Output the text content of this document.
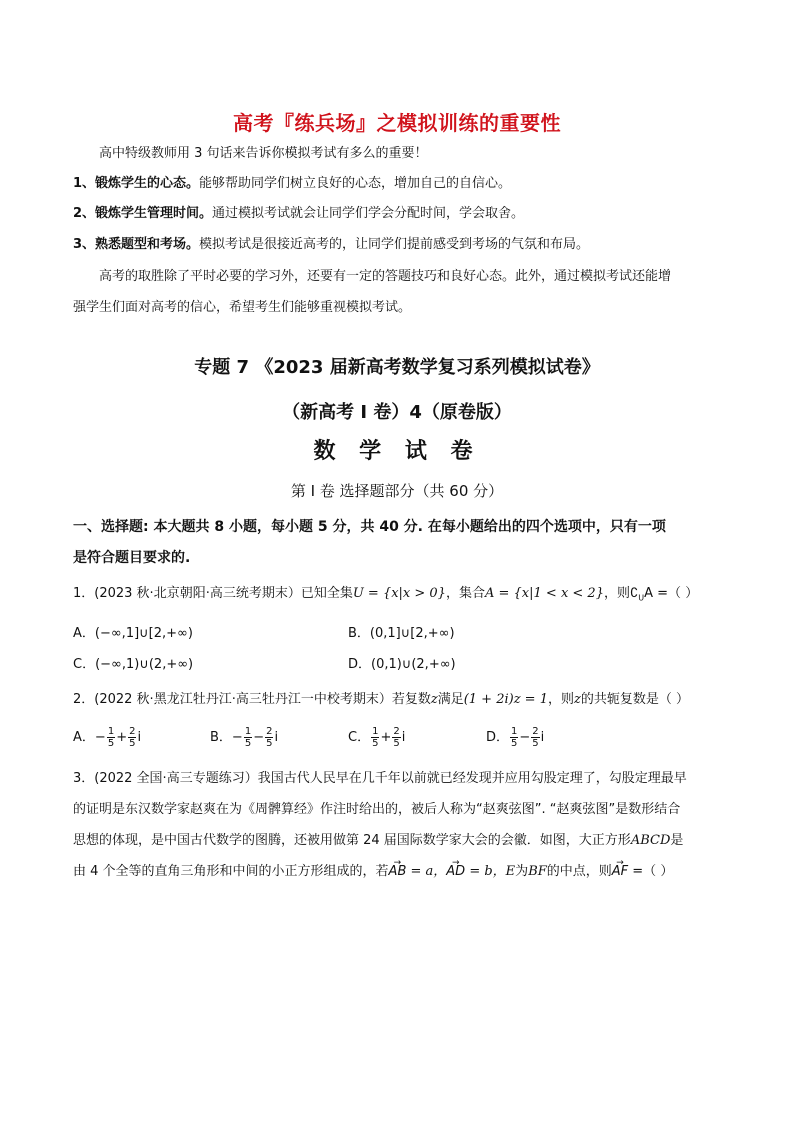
高考『练兵场』之模拟训练的重要性
高中特级教师用 3 句话来告诉你模拟考试有多么的重要！
1、锻炼学生的心态。能够帮助同学们树立良好的心态，增加自己的自信心。
2、锻炼学生管理时间。通过模拟考试就会让同学们学会分配时间，学会取舍。
3、熟悉题型和考场。模拟考试是很接近高考的，让同学们提前感受到考场的气氛和布局。
高考的取胜除了平时必要的学习外，还要有一定的答题技巧和良好心态。此外，通过模拟考试还能增
强学生们面对高考的信心，希望考生们能够重视模拟考试。
专题 7 《2023 届新高考数学复习系列模拟试卷》
（新高考 I 卷）4（原卷版）
数 学 试 卷
第 I 卷 选择题部分（共 60 分）
一、选择题: 本大题共 8 小题，每小题 5 分，共 40 分. 在每小题给出的四个选项中，只有一项
是符合题目要求的.
1．(2023 秋·北京朝阳·高三统考期末）已知全集U = {x|x > 0}，集合A = {x|1 < x < 2}，则$∁_UA$ =（ ）
A．(−∞,1]∪[2,+∞)	B．(0,1]∪[2,+∞)
C．(−∞,1)∪(2,+∞)	D．(0,1)∪(2,+∞)
2．(2022 秋·黑龙江牡丹江·高三牡丹江一中校考期末）若复数z满足(1 + 2i)z = 1，则z的共轭复数是（ ）
A．− $\frac{1}{5} + \frac{2}{5}$ i	B．− $\frac{1}{5} - \frac{2}{5}$ i	C． $\frac{1}{5} + \frac{2}{5}$ i	D． $\frac{1}{5} - \frac{2}{5}$ i
3．(2022 全国·高三专题练习）我国古代人民早在几千年以前就已经发现并应用勾股定理了，勾股定理最早
的证明是东汉数学家赵爽在为《周髀算经》作注时给出的，被后人称为“赵爽弦图”. “赵爽弦图”是数形结合
思想的体现，是中国古代数学的图腾，还被用做第 24 届国际数学家大会的会徽．如图，大正方形ABCD是
由 4 个全等的直角三角形和中间的小正方形组成的，若→ AB = a，→ AD = b，E为BF的中点，则→ AF =（ ）
